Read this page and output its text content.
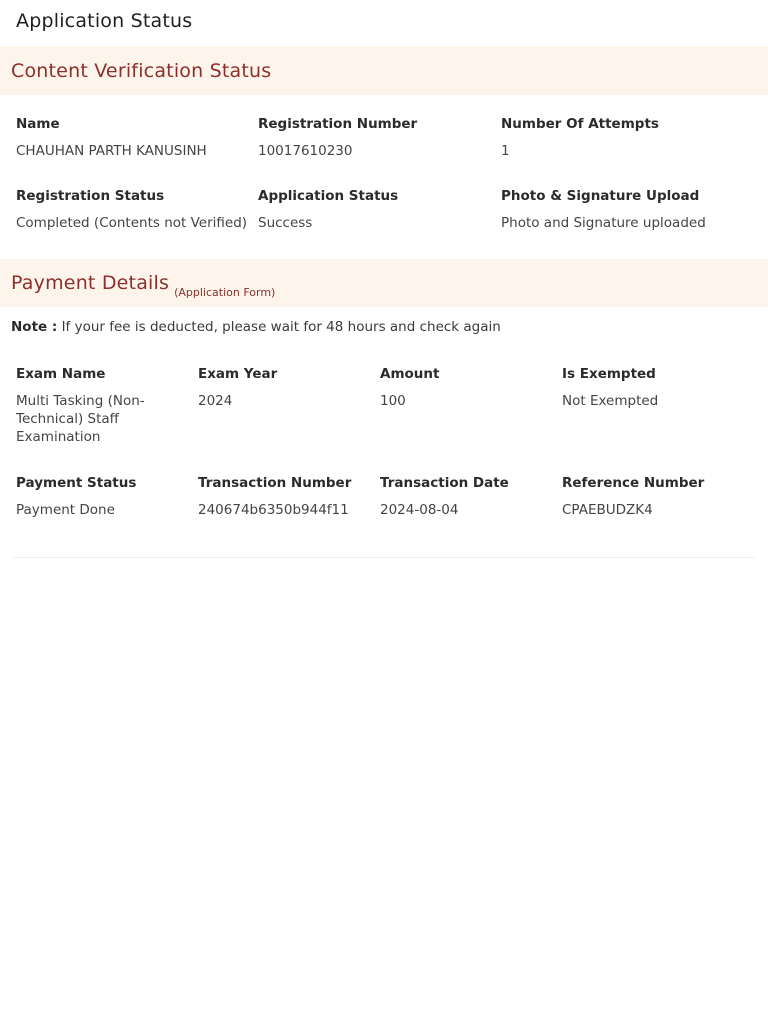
Application Status
Content Verification Status
Name
CHAUHAN PARTH KANUSINH
Registration Number
10017610230
Number Of Attempts
1
Registration Status
Completed (Contents not Verified)
Application Status
Success
Photo & Signature Upload
Photo and Signature uploaded
Payment Details (Application Form)
Note : If your fee is deducted, please wait for 48 hours and check again
Exam Name
Multi Tasking (Non-Technical) Staff Examination
Exam Year
2024
Amount
100
Is Exempted
Not Exempted
Payment Status
Payment Done
Transaction Number
240674b6350b944f11
Transaction Date
2024-08-04
Reference Number
CPAEBUDZK4
